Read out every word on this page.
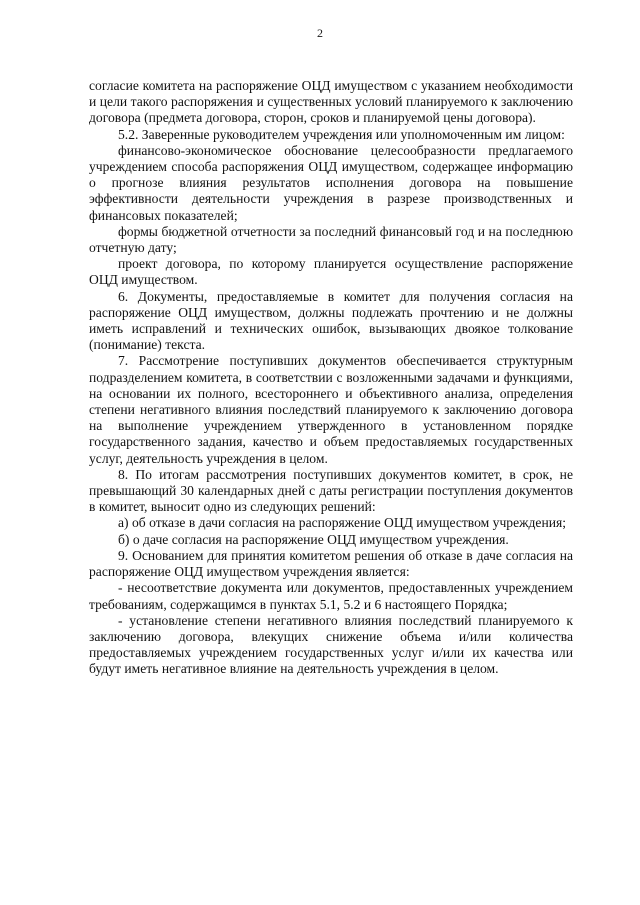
2

согласие комитета на распоряжение ОЦД имуществом с указанием необходимости и цели такого распоряжения и существенных условий планируемого к заключению договора (предмета договора, сторон, сроков и планируемой цены договора).

5.2. Заверенные руководителем учреждения или уполномоченным им лицом:

финансово-экономическое обоснование целесообразности предлагаемого учреждением способа распоряжения ОЦД имуществом, содержащее информацию о прогнозе влияния результатов исполнения договора на повышение эффективности деятельности учреждения в разрезе производственных и финансовых показателей;

формы бюджетной отчетности за последний финансовый год и на последнюю отчетную дату;

проект договора, по которому планируется осуществление распоряжение ОЦД имуществом.

6. Документы, предоставляемые в комитет для получения согласия на распоряжение ОЦД имуществом, должны подлежать прочтению и не должны иметь исправлений и технических ошибок, вызывающих двоякое толкование (понимание) текста.

7. Рассмотрение поступивших документов обеспечивается структурным подразделением комитета, в соответствии с возложенными задачами и функциями, на основании их полного, всестороннего и объективного анализа, определения степени негативного влияния последствий планируемого к заключению договора на выполнение учреждением утвержденного в установленном порядке государственного задания, качество и объем предоставляемых государственных услуг, деятельность учреждения в целом.

8. По итогам рассмотрения поступивших документов комитет, в срок, не превышающий 30 календарных дней с даты регистрации поступления документов в комитет, выносит одно из следующих решений:

а) об отказе в дачи согласия на распоряжение ОЦД имуществом учреждения;

б) о даче согласия на распоряжение ОЦД имуществом учреждения.

9. Основанием для принятия комитетом решения об отказе в даче согласия на распоряжение ОЦД имуществом учреждения является:

- несоответствие документа или документов, предоставленных учреждением требованиям, содержащимся в пунктах 5.1, 5.2 и 6 настоящего Порядка;

- установление степени негативного влияния последствий планируемого к заключению договора, влекущих снижение объема и/или количества предоставляемых учреждением государственных услуг и/или их качества или будут иметь негативное влияние на деятельность учреждения в целом.
